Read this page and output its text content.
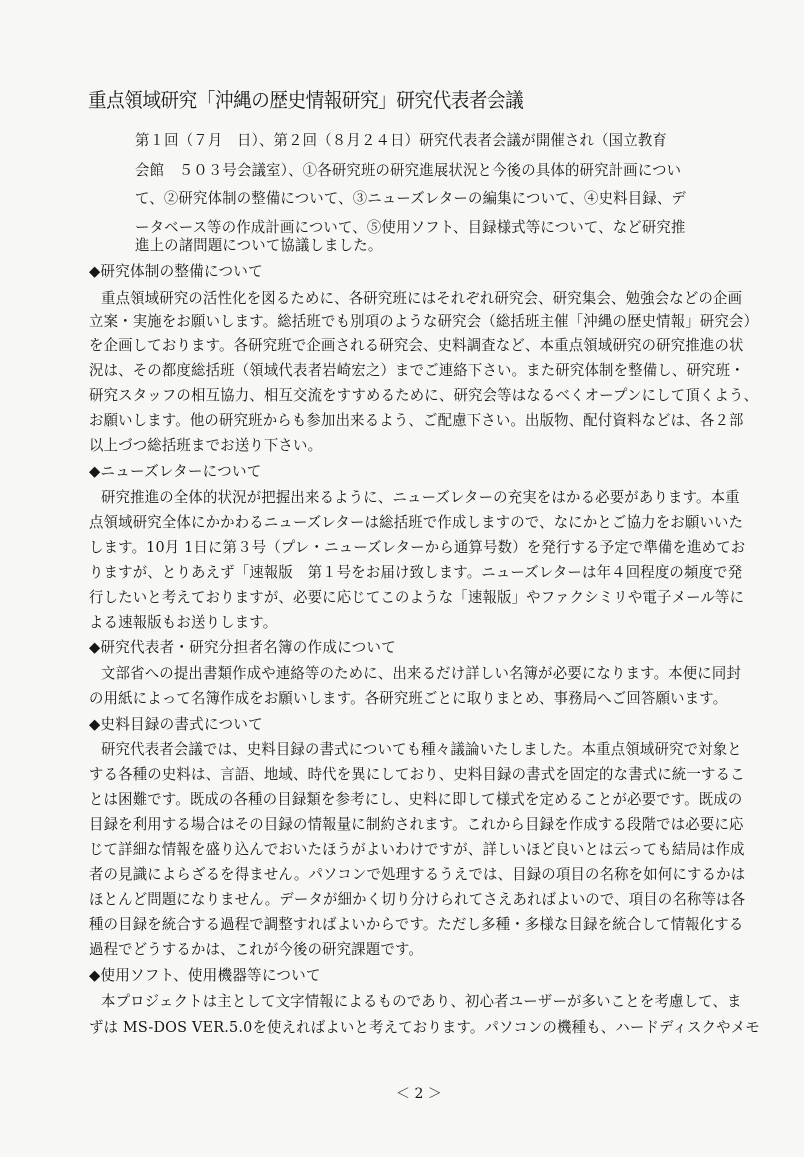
重点領域研究「沖縄の歴史情報研究」研究代表者会議
第１回（７月　日）、第２回（８月２４日）研究代表者会議が開催され（国立教育
会館　５０３号会議室）、①各研究班の研究進展状況と今後の具体的研究計画につい
て、②研究体制の整備について、③ニューズレターの編集について、④史料目録、デ
ータベース等の作成計画について、⑤使用ソフト、目録様式等について、など研究推
進上の諸問題について協議しました。
◆研究体制の整備について
重点領域研究の活性化を図るために、各研究班にはそれぞれ研究会、研究集会、勉強会などの企画
立案・実施をお願いします。総括班でも別項のような研究会（総括班主催「沖縄の歴史情報」研究会）
を企画しております。各研究班で企画される研究会、史料調査など、本重点領域研究の研究推進の状
況は、その都度総括班（領域代表者岩崎宏之）までご連絡下さい。また研究体制を整備し、研究班・
研究スタッフの相互協力、相互交流をすすめるために、研究会等はなるべくオープンにして頂くよう、
お願いします。他の研究班からも参加出来るよう、ご配慮下さい。出版物、配付資料などは、各２部
以上づつ総括班までお送り下さい。
◆ニューズレターについて
研究推進の全体的状況が把握出来るように、ニューズレターの充実をはかる必要があります。本重
点領域研究全体にかかわるニューズレターは総括班で作成しますので、なにかとご協力をお願いいた
します。10月 1日に第３号（プレ・ニューズレターから通算号数）を発行する予定で準備を進めてお
りますが、とりあえず「速報版　第１号をお届け致します。ニューズレターは年４回程度の頻度で発
行したいと考えておりますが、必要に応じてこのような「速報版」やファクシミリや電子メール等に
よる速報版もお送りします。
◆研究代表者・研究分担者名簿の作成について
文部省への提出書類作成や連絡等のために、出来るだけ詳しい名簿が必要になります。本便に同封
の用紙によって名簿作成をお願いします。各研究班ごとに取りまとめ、事務局へご回答願います。
◆史料目録の書式について
研究代表者会議では、史料目録の書式についても種々議論いたしました。本重点領域研究で対象と
する各種の史料は、言語、地域、時代を異にしており、史料目録の書式を固定的な書式に統一するこ
とは困難です。既成の各種の目録類を参考にし、史料に即して様式を定めることが必要です。既成の
目録を利用する場合はその目録の情報量に制約されます。これから目録を作成する段階では必要に応
じて詳細な情報を盛り込んでおいたほうがよいわけですが、詳しいほど良いとは云っても結局は作成
者の見識によらざるを得ません。パソコンで処理するうえでは、目録の項目の名称を如何にするかは
ほとんど問題になりません。データが細かく切り分けられてさえあればよいので、項目の名称等は各
種の目録を統合する過程で調整すればよいからです。ただし多種・多様な目録を統合して情報化する
過程でどうするかは、これが今後の研究課題です。
◆使用ソフト、使用機器等について
本プロジェクトは主として文字情報によるものであり、初心者ユーザーが多いことを考慮して、ま
ずは MS-DOS VER.5.0を使えればよいと考えております。パソコンの機種も、ハードディスクやメモ
＜ 2 ＞
